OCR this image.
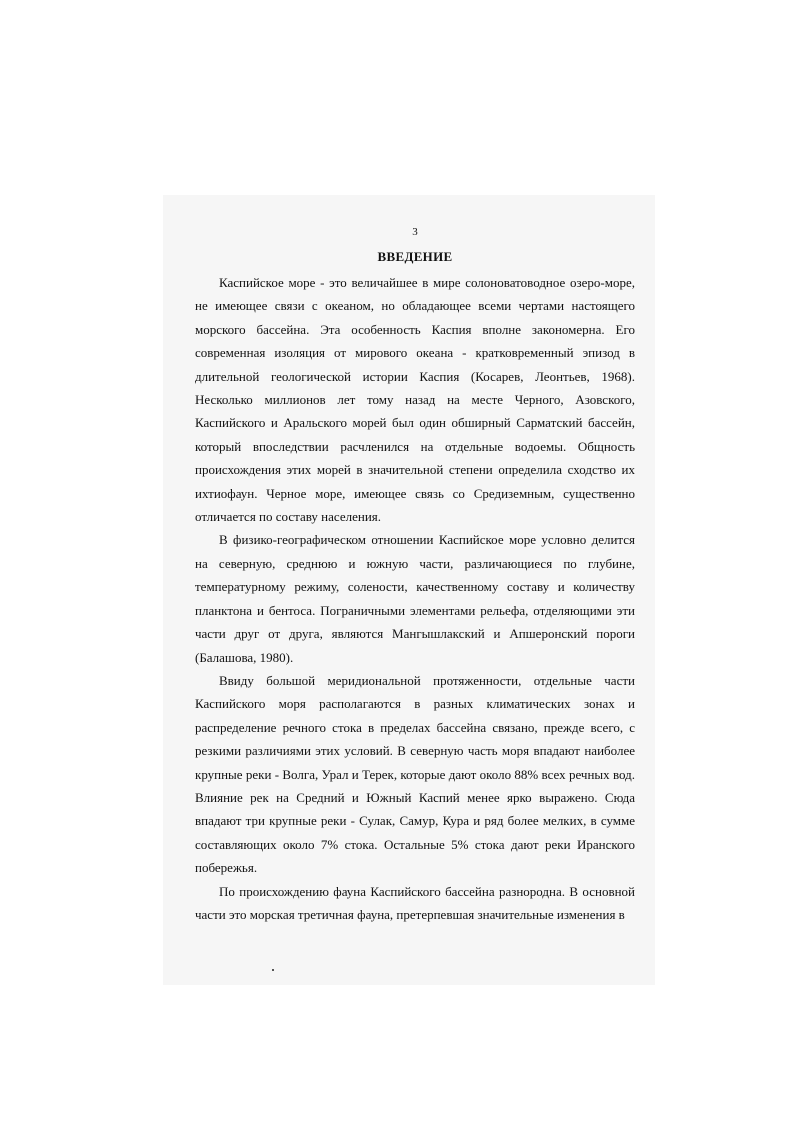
3
ВВЕДЕНИЕ

Каспийское море - это величайшее в мире солоноватоводное озеро-море, не имеющее связи с океаном, но обладающее всеми чертами настоящего морского бассейна. Эта особенность Каспия вполне закономерна. Его современная изоляция от мирового океана - кратковременный эпизод в длительной геологической истории Каспия (Косарев, Леонтьев, 1968). Несколько миллионов лет тому назад на месте Черного, Азовского, Каспийского и Аральского морей был один обширный Сарматский бассейн, который впоследствии расчленился на отдельные водоемы. Общность происхождения этих морей в значительной степени определила сходство их ихтиофаун. Черное море, имеющее связь со Средиземным, существенно отличается по составу населения.

В физико-географическом отношении Каспийское море условно делится на северную, среднюю и южную части, различающиеся по глубине, температурному режиму, солености, качественному составу и количеству планктона и бентоса. Пограничными элементами рельефа, отделяющими эти части друг от друга, являются Мангышлакский и Апшеронский пороги (Балашова, 1980).

Ввиду большой меридиональной протяженности, отдельные части Каспийского моря располагаются в разных климатических зонах и распределение речного стока в пределах бассейна связано, прежде всего, с резкими различиями этих условий. В северную часть моря впадают наиболее крупные реки - Волга, Урал и Терек, которые дают около 88% всех речных вод. Влияние рек на Средний и Южный Каспий менее ярко выражено. Сюда впадают три крупные реки - Сулак, Самур, Кура и ряд более мелких, в сумме составляющих около 7% стока. Остальные 5% стока дают реки Иранского побережья.

По происхождению фауна Каспийского бассейна разнородна. В основной части это морская третичная фауна, претерпевшая значительные изменения в
